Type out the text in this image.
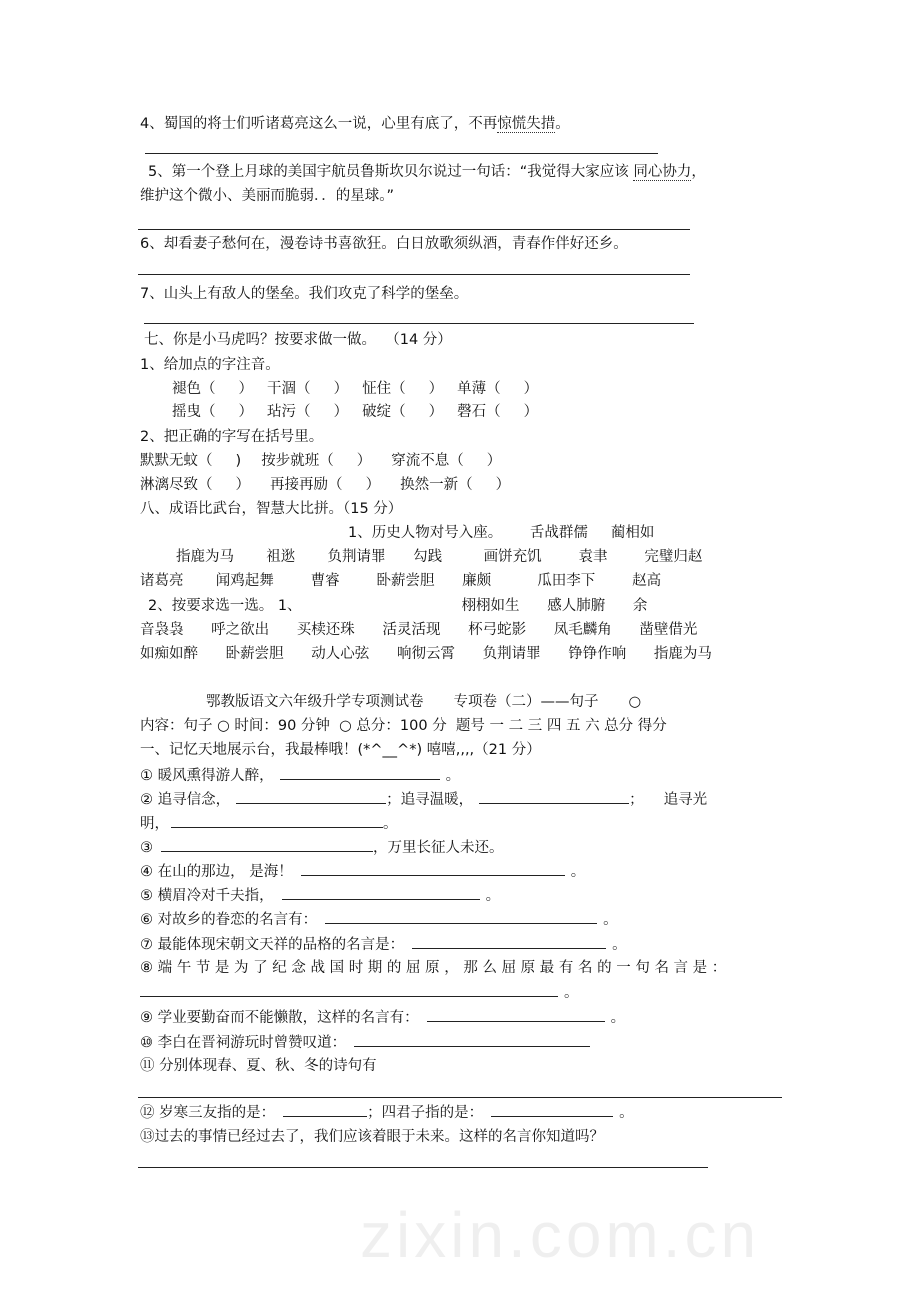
zixin.com.cn
4、蜀国的将士们听诸葛亮这么一说，心里有底了，不再惊慌失措。
5、第一个登上月球的美国宇航员鲁斯坎贝尔说过一句话：“我觉得大家应该 同心协力，
维护这个微小、美丽而脆弱．．的星球。”
6、却看妻子愁何在，漫卷诗书喜欲狂。白日放歌须纵酒，青春作伴好还乡。
7、山头上有敌人的堡垒。我们攻克了科学的堡垒。
七、你是小马虎吗？按要求做一做。  （14 分）
1、给加点的字注音。
褪色（     ） 干涸（     ） 怔住（     ） 单薄（     ）
摇曳（     ） 玷污（     ） 破绽（     ） 磬石（     ）
2、把正确的字写在括号里。
默默无蚊（     ) 按步就班（     ） 穿流不息（     ）
淋漓尽致（     ） 再接再励（     ） 换然一新（     ）
八、成语比武台，智慧大比拼。（15 分）
1、历史人物对号入座。      舌战群儒     蔺相如
指鹿为马       祖逖       负荆请罪      勾践         画饼充饥        袁聿        完璧归赵
诸葛亮       闻鸡起舞        曹睿        卧薪尝胆      廉颇          瓜田李下        赵高
2、按要求选一选。 1、	栩栩如生      感人肺腑      余
音袅袅      呼之欲出      买椟还珠      活灵活现      杯弓蛇影      凤毛麟角      凿壁借光
如痴如醉      卧薪尝胆      动人心弦      响彻云霄      负荆请罪      铮铮作响      指鹿为马
鄂教版语文六年级升学专项测试卷 专项卷（二）——句子 ○
内容：句子 ○ 时间：90 分钟  ○ 总分：100 分  题号 一 二 三 四 五 六 总分 得分
一、记忆天地展示台，我最棒哦！(*^__^*) 嘻嘻,,,,（21 分）
① 暖风熏得游人醉，	。
② 追寻信念，	；追寻温暖，	； 追寻光
明，	。
③	，万里长征人未还。
④ 在山的那边， 是海！	。
⑤ 横眉冷对千夫指，	。
⑥ 对故乡的眷恋的名言有：	。
⑦ 最能体现宋朝文天祥的品格的名言是：	。
⑧ 端 午 节 是 为 了 纪 念 战 国 时 期 的 屈 原 ， 那 么 屈 原 最 有 名 的 一 句 名 言 是 ：
。
⑨ 学业要勤奋而不能懒散，这样的名言有：	。
⑩ 李白在晋祠游玩时曾赞叹道：
⑪ 分别体现春、夏、秋、冬的诗句有
⑫ 岁寒三友指的是：	；四君子指的是：	。
⑬过去的事情已经过去了，我们应该着眼于未来。这样的名言你知道吗？
